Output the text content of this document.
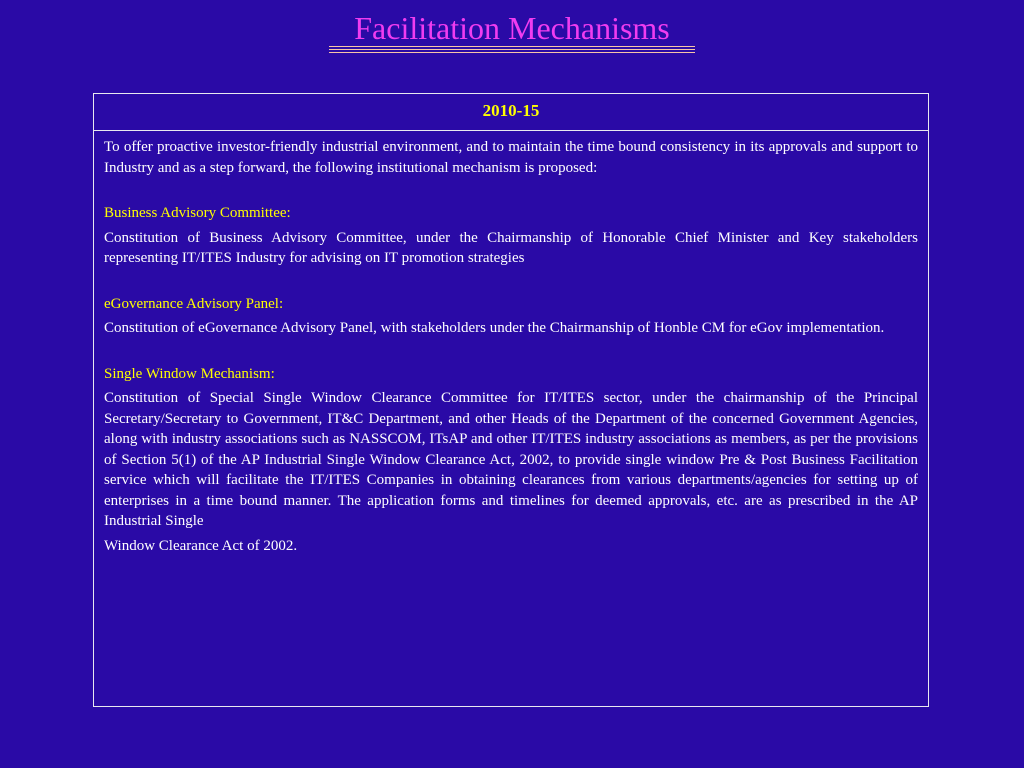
Facilitation Mechanisms
2010-15

To offer proactive investor-friendly industrial environment, and to maintain the time bound consistency in its approvals and support to Industry and as a step forward, the following institutional mechanism is proposed:

Business Advisory Committee:

Constitution of Business Advisory Committee, under the Chairmanship of Honorable Chief Minister and Key stakeholders representing IT/ITES Industry for advising on IT promotion strategies

eGovernance Advisory Panel:

Constitution of eGovernance Advisory Panel, with stakeholders under the Chairmanship of Honble CM for eGov implementation.

Single Window Mechanism:

Constitution of Special Single Window Clearance Committee for IT/ITES sector, under the chairmanship of the Principal Secretary/Secretary to Government, IT&C Department, and other Heads of the Department of the concerned Government Agencies, along with industry associations such as NASSCOM, ITsAP and other IT/ITES industry associations as members, as per the provisions of Section 5(1) of the AP Industrial Single Window Clearance Act, 2002, to provide single window Pre & Post Business Facilitation service which will facilitate the IT/ITES Companies in obtaining clearances from various departments/agencies for setting up of enterprises in a time bound manner. The application forms and timelines for deemed approvals, etc. are as prescribed in the AP Industrial Single

Window Clearance Act of 2002.
